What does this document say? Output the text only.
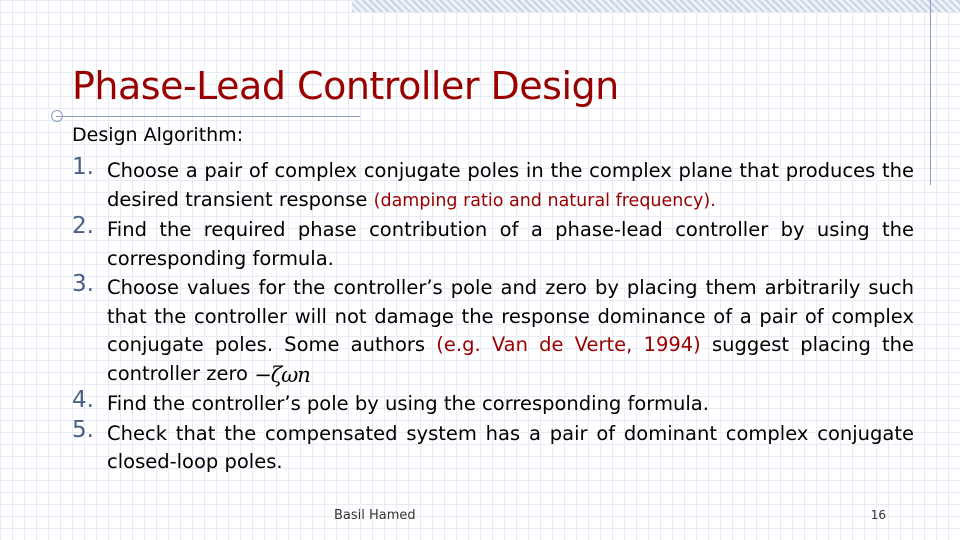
Phase-Lead Controller Design
Design Algorithm:
1. Choose a pair of complex conjugate poles in the complex plane that produces the desired transient response (damping ratio and natural frequency).
2. Find the required phase contribution of a phase-lead controller by using the corresponding formula.
3. Choose values for the controller’s pole and zero by placing them arbitrarily such that the controller will not damage the response dominance of a pair of complex conjugate poles. Some authors (e.g. Van de Verte, 1994) suggest placing the controller zero −ζωn
4. Find the controller’s pole by using the corresponding formula.
5. Check that the compensated system has a pair of dominant complex conjugate closed-loop poles.
Basil Hamed	16
